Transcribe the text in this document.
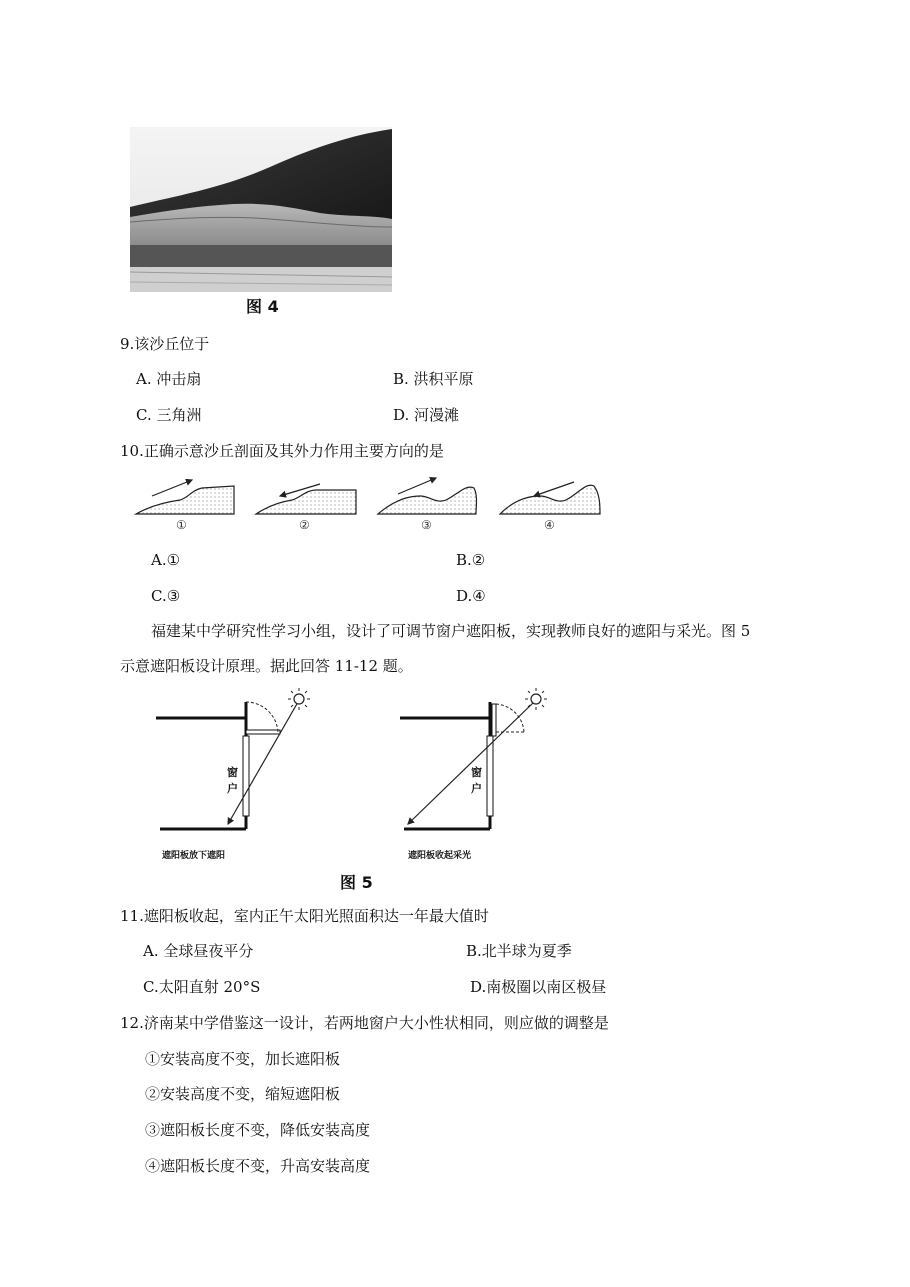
图 4
9.该沙丘位于
A. 冲击扇	B. 洪积平原
C. 三角洲	D. 河漫滩
10.正确示意沙丘剖面及其外力作用主要方向的是
①	②	③	④
A.①	B.②
C.③	D.④
福建某中学研究性学习小组，设计了可调节窗户遮阳板，实现教师良好的遮阳与采光。图 5
示意遮阳板设计原理。据此回答 11-12 题。
窗
户
窗
户
遮阳板放下遮阳	遮阳板收起采光
图 5
11.遮阳板收起，室内正午太阳光照面积达一年最大值时
A. 全球昼夜平分	B.北半球为夏季
C.太阳直射 20°S	D.南极圈以南区极昼
12.济南某中学借鉴这一设计，若两地窗户大小性状相同，则应做的调整是
①安装高度不变，加长遮阳板
②安装高度不变，缩短遮阳板
③遮阳板长度不变，降低安装高度
④遮阳板长度不变，升高安装高度
